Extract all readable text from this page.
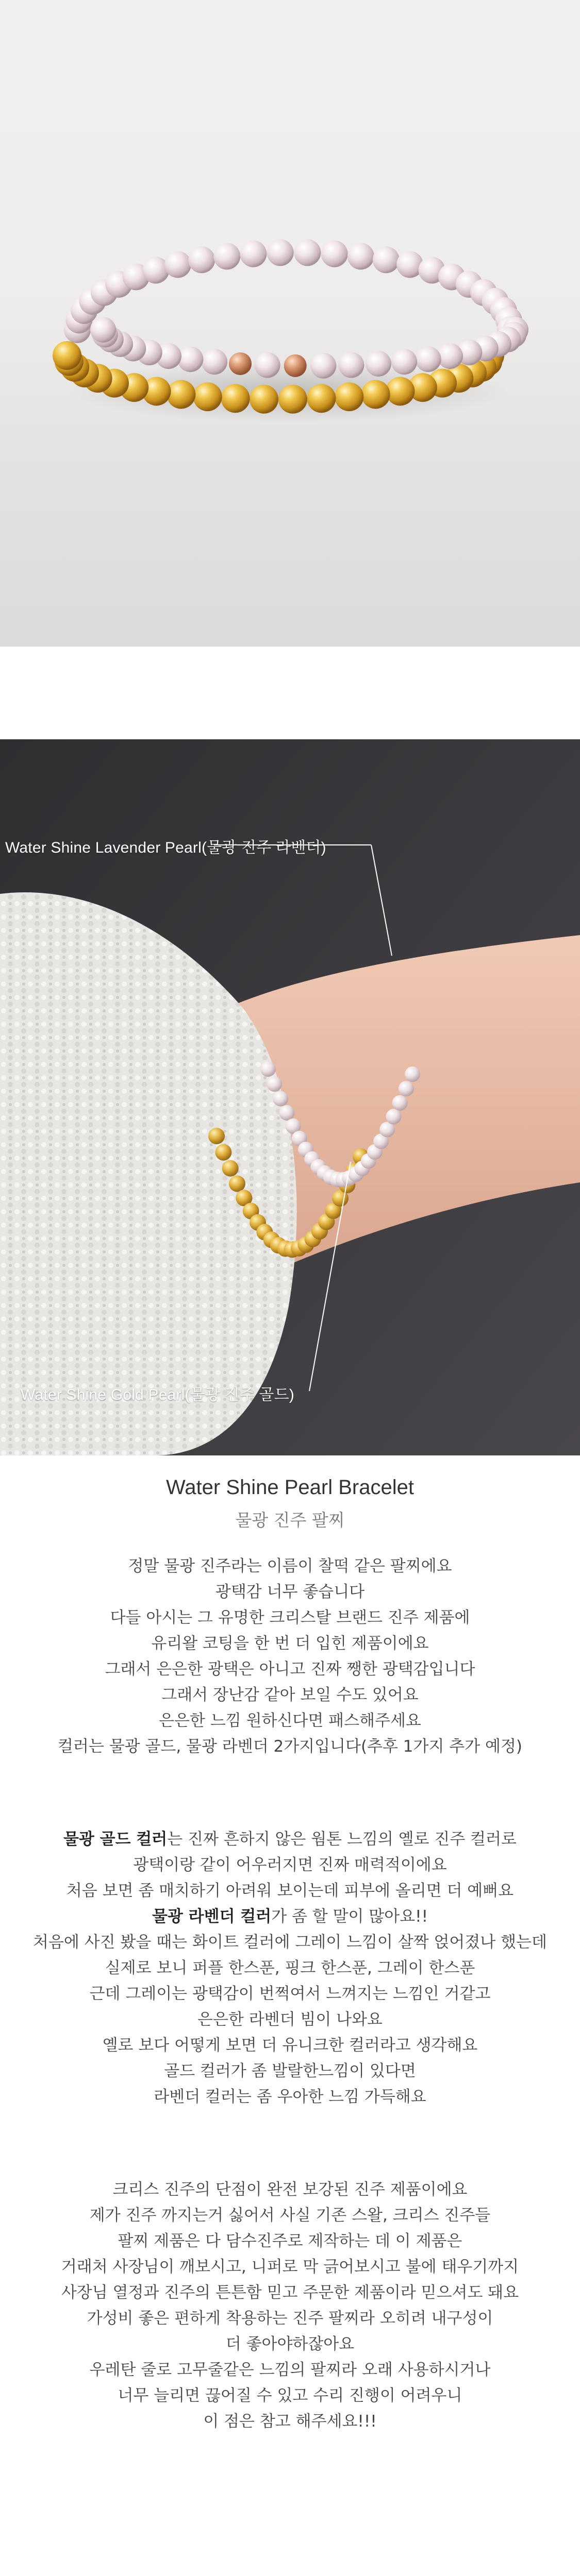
Water Shine Lavender Pearl(물광 진주 라벤더)
Water Shine Gold Pearl(물광 진주 골드)
Water Shine Pearl Bracelet
물광 진주 팔찌
정말 물광 진주라는 이름이 찰떡 같은 팔찌에요
광택감 너무 좋습니다
다들 아시는 그 유명한 크리스탈 브랜드 진주 제품에
유리왈 코팅을 한 번 더 입힌 제품이에요
그래서 은은한 광택은 아니고 진짜 쨍한 광택감입니다
그래서 장난감 같아 보일 수도 있어요
은은한 느낌 원하신다면 패스해주세요
컬러는 물광 골드, 물광 라벤더 2가지입니다(추후 1가지 추가 예정)
물광 골드 컬러는 진짜 흔하지 않은 웜톤 느낌의 옐로 진주 컬러로
광택이랑 같이 어우러지면 진짜 매력적이에요
처음 보면 좀 매치하기 아려워 보이는데 피부에 올리면 더 예뻐요
물광 라벤더 컬러가 좀 할 말이 많아요!!
처음에 사진 봤을 때는 화이트 컬러에 그레이 느낌이 살짝 얹어졌나 했는데
실제로 보니 퍼플 한스푼, 핑크 한스푼, 그레이 한스푼
근데 그레이는 광택감이 번쩍여서 느껴지는 느낌인 거같고
은은한 라벤더 빔이 나와요
옐로 보다 어떻게 보면 더 유니크한 컬러라고 생각해요
골드 컬러가 좀 발랄한느낌이 있다면
라벤더 컬러는 좀 우아한 느낌 가득해요
크리스 진주의 단점이 완전 보강된 진주 제품이에요
제가 진주 까지는거 싫어서 사실 기존 스왈, 크리스 진주들
팔찌 제품은 다 담수진주로 제작하는 데 이 제품은
거래처 사장님이 깨보시고, 니퍼로 막 긁어보시고 불에 태우기까지
사장님 열정과 진주의 튼튼함 믿고 주문한 제품이라 믿으셔도 돼요
가성비 좋은 편하게 착용하는 진주 팔찌라 오히려 내구성이
더 좋아야하잖아요
우레탄 줄로 고무줄같은 느낌의 팔찌라 오래 사용하시거나
너무 늘리면 끊어질 수 있고 수리 진행이 어려우니
이 점은 참고 해주세요!!!
